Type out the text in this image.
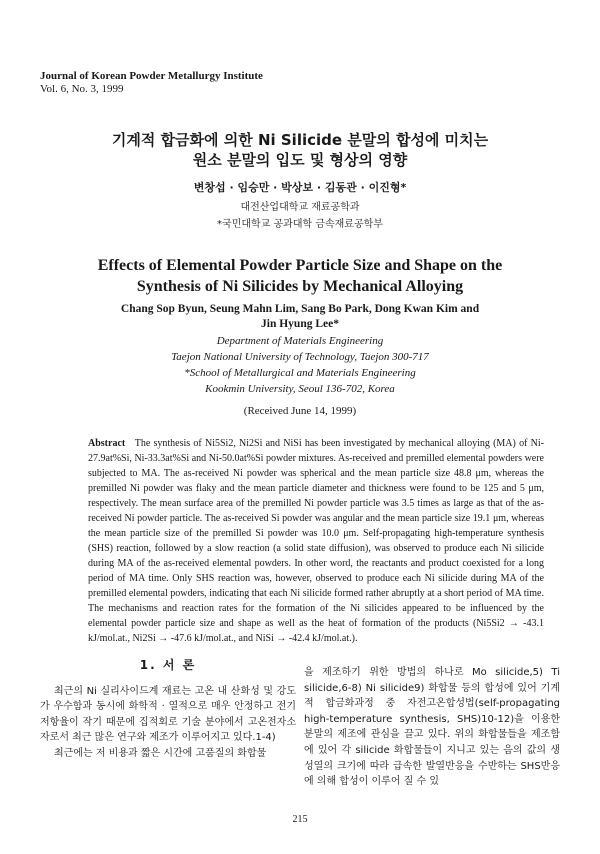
Journal of Korean Powder Metallurgy Institute
Vol. 6, No. 3, 1999
기계적 합금화에 의한 Ni Silicide 분말의 합성에 미치는
원소 분말의 입도 및 형상의 영향
변창섭 · 임승만 · 박상보 · 김동관 · 이진형*
대전산업대학교 재료공학과
*국민대학교 공과대학 금속재료공학부
Effects of Elemental Powder Particle Size and Shape on the
Synthesis of Ni Silicides by Mechanical Alloying
Chang Sop Byun, Seung Mahn Lim, Sang Bo Park, Dong Kwan Kim and
Jin Hyung Lee*
Department of Materials Engineering
Taejon National University of Technology, Taejon 300-717
*School of Metallurgical and Materials Engineering
Kookmin University, Seoul 136-702, Korea
(Received June 14, 1999)
Abstract The synthesis of Ni5Si2, Ni2Si and NiSi has been investigated by mechanical alloying (MA) of Ni-27.9at%Si, Ni-33.3at%Si and Ni-50.0at%Si powder mixtures. As-received and premilled elemental powders were subjected to MA. The as-received Ni powder was spherical and the mean particle size 48.8 μm, whereas the premilled Ni powder was flaky and the mean particle diameter and thickness were found to be 125 and 5 μm, respectively. The mean surface area of the premilled Ni powder particle was 3.5 times as large as that of the as-received Ni powder particle. The as-received Si powder was angular and the mean particle size 19.1 μm, whereas the mean particle size of the premilled Si powder was 10.0 μm. Self-propagating high-temperature synthesis (SHS) reaction, followed by a slow reaction (a solid state diffusion), was observed to produce each Ni silicide during MA of the as-received elemental powders. In other word, the reactants and product coexisted for a long period of MA time. Only SHS reaction was, however, observed to produce each Ni silicide during MA of the premilled elemental powders, indicating that each Ni silicide formed rather abruptly at a short period of MA time. The mechanisms and reaction rates for the formation of the Ni silicides appeared to be influenced by the elemental powder particle size and shape as well as the heat of formation of the products (Ni5Si2 → -43.1 kJ/mol.at., Ni2Si → -47.6 kJ/mol.at., and NiSi → -42.4 kJ/mol.at.).
1. 서 론

최근의 Ni 실리사이드계 재료는 고온 내 산화성 및 강도가 우수함과 동시에 화학적 · 열적으로 매우 안정하고 전기 저항율이 작기 때문에 집적회로 기술 분야에서 고온전자소자로서 최근 많은 연구와 제조가 이루어지고 있다.1-4)

최근에는 저 비용과 짧은 시간에 고품질의 화합물

을 제조하기 위한 방법의 하나로 Mo silicide,5) Ti silicide,6-8) Ni silicide9) 화합물 등의 합성에 있어 기계적 합금화과정 중 자전고온합성법(self-propagating high-temperature synthesis, SHS)10-12)을 이용한 분말의 제조에 관심을 끌고 있다. 위의 화합물들을 제조함에 있어 각 silicide 화합물들이 지니고 있는 음의 값의 생성열의 크기에 따라 급속한 발열반응을 수반하는 SHS반응에 의해 합성이 이루어 질 수 있

215
